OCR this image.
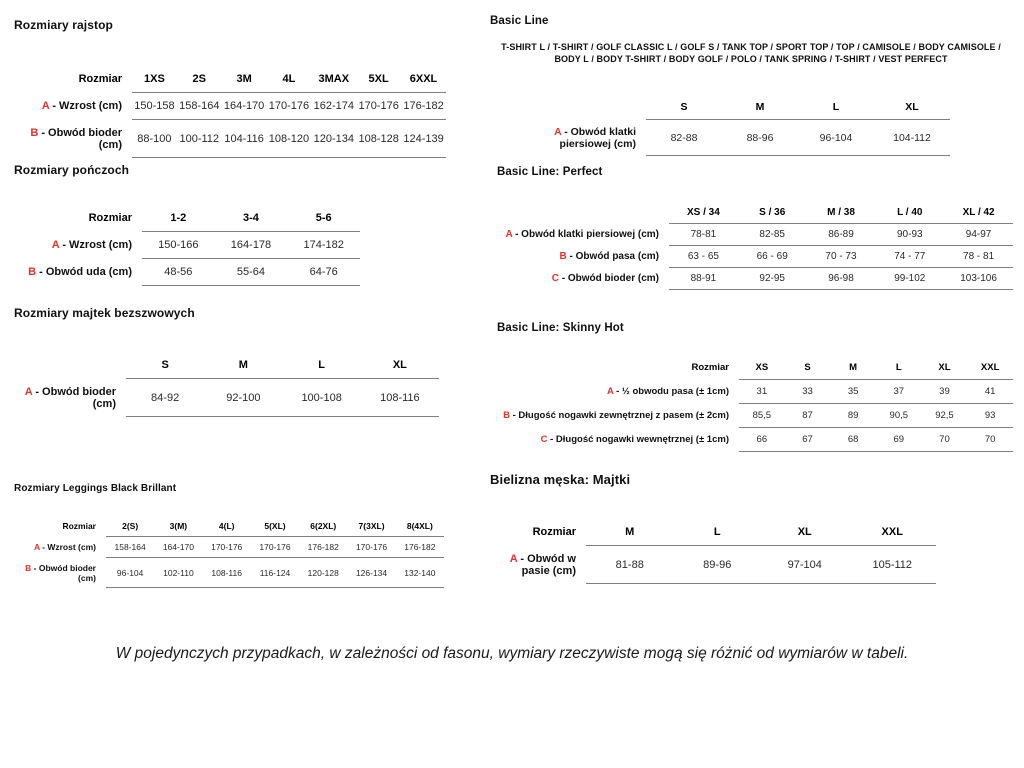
Rozmiary rajstop
Rozmiar	1XS	2S	3M	4L	3MAX	5XL	6XXL
A - Wzrost (cm)	150-158	158-164	164-170	170-176	162-174	170-176	176-182
B - Obwód bioder (cm)	88-100	100-112	104-116	108-120	120-134	108-128	124-139
Rozmiary pończoch
Rozmiar	1-2	3-4	5-6
A - Wzrost (cm)	150-166	164-178	174-182
B - Obwód uda (cm)	48-56	55-64	64-76
Rozmiary majtek bezszwowych
	S	M	L	XL
A - Obwód bioder (cm)	84-92	92-100	100-108	108-116
Rozmiary Leggings Black Brillant
Rozmiar	2(S)	3(M)	4(L)	5(XL)	6(2XL)	7(3XL)	8(4XL)
A - Wzrost (cm)	158-164	164-170	170-176	170-176	176-182	170-176	176-182
B - Obwód bioder (cm)	96-104	102-110	108-116	116-124	120-128	126-134	132-140
Basic Line
T-SHIRT L / T-SHIRT / GOLF CLASSIC L / GOLF S / TANK TOP / SPORT TOP / TOP / CAMISOLE / BODY CAMISOLE / BODY L / BODY T-SHIRT / BODY GOLF / POLO / TANK SPRING / T-SHIRT / VEST PERFECT
	S	M	L	XL
A - Obwód klatki piersiowej (cm)	82-88	88-96	96-104	104-112
Basic Line: Perfect
	XS / 34	S / 36	M / 38	L / 40	XL / 42
A - Obwód klatki piersiowej (cm)	78-81	82-85	86-89	90-93	94-97
B - Obwód pasa (cm)	63 - 65	66 - 69	70 - 73	74 - 77	78 - 81
C - Obwód bioder (cm)	88-91	92-95	96-98	99-102	103-106
Basic Line: Skinny Hot
Rozmiar	XS	S	M	L	XL	XXL
A - ½ obwodu pasa (± 1cm)	31	33	35	37	39	41
B - Długość nogawki zewnętrznej z pasem (± 2cm)	85,5	87	89	90,5	92,5	93
C - Długość nogawki wewnętrznej (± 1cm)	66	67	68	69	70	70
Bielizna męska: Majtki
Rozmiar	M	L	XL	XXL
A - Obwód w pasie (cm)	81-88	89-96	97-104	105-112

W pojedynczych przypadkach, w zależności od fasonu, wymiary rzeczywiste mogą się różnić od wymiarów w tabeli.
